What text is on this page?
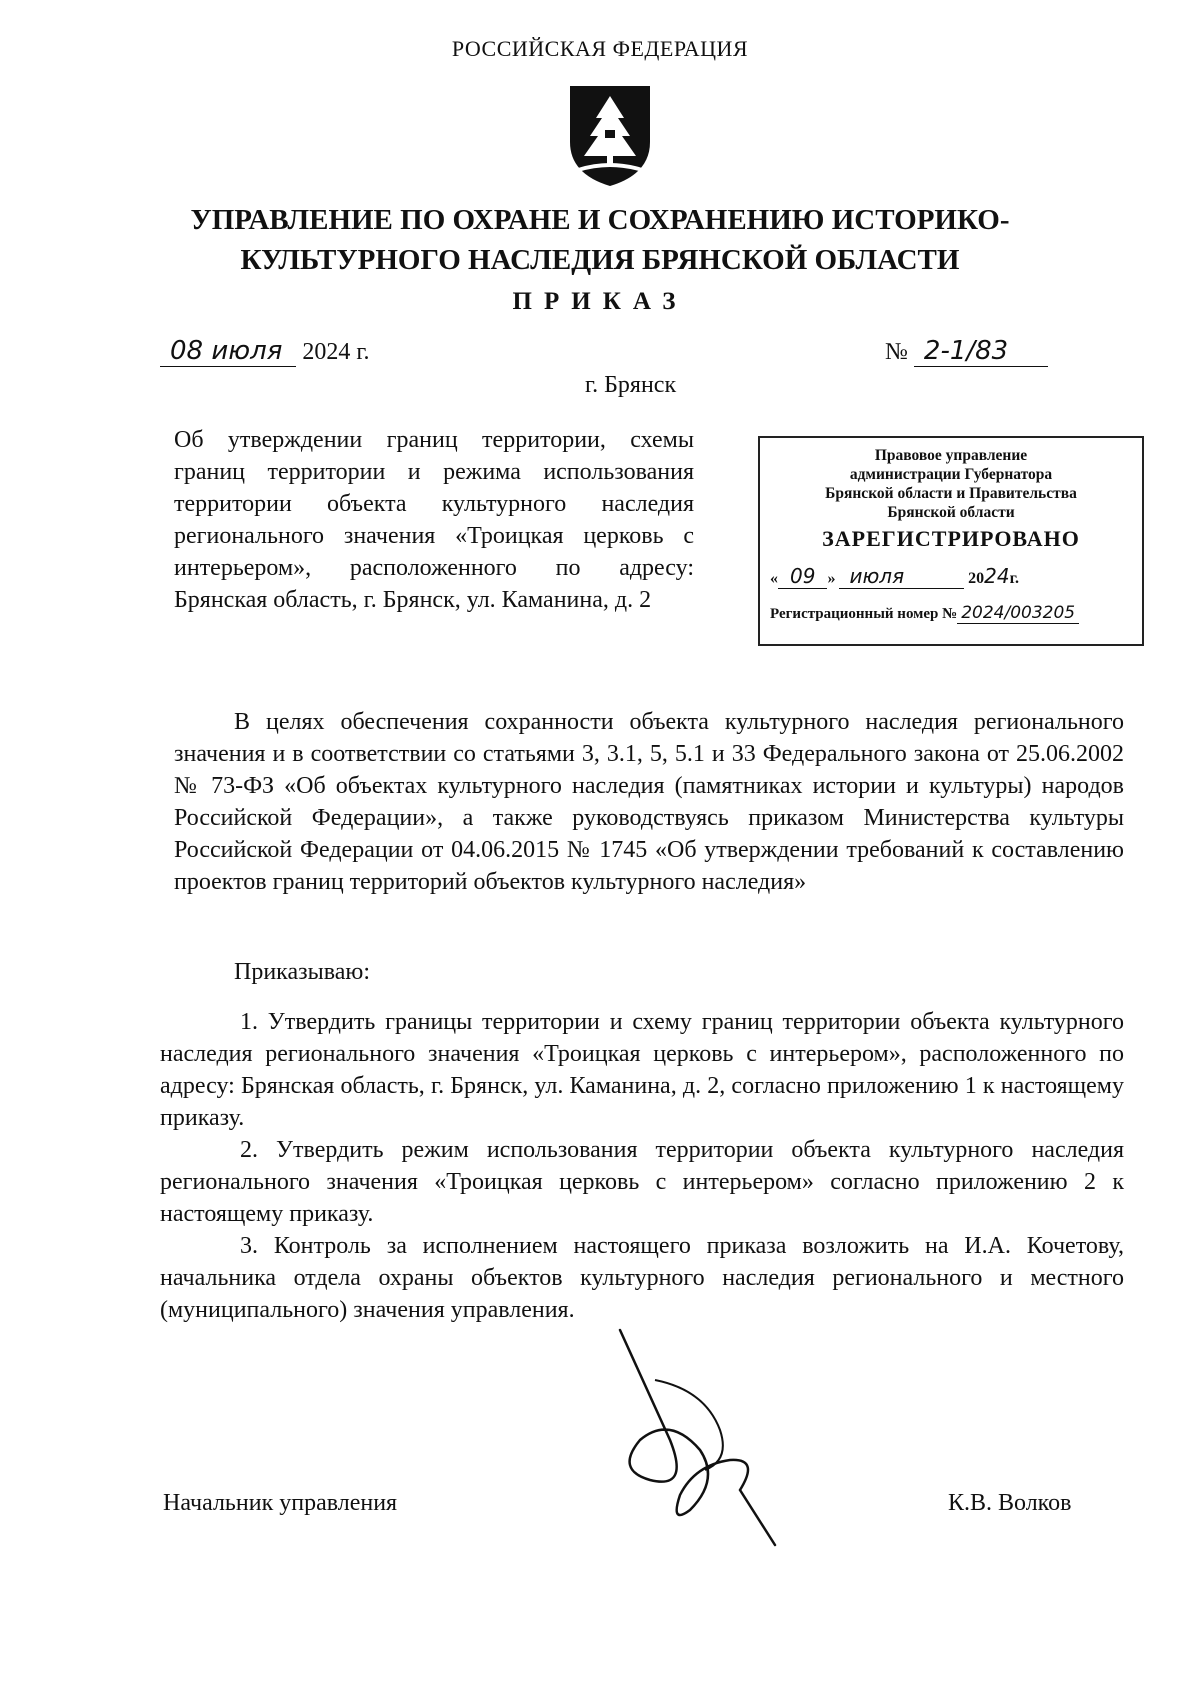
РОССИЙСКАЯ ФЕДЕРАЦИЯ
УПРАВЛЕНИЕ ПО ОХРАНЕ И СОХРАНЕНИЮ ИСТОРИКО-КУЛЬТУРНОГО НАСЛЕДИЯ БРЯНСКОЙ ОБЛАСТИ
ПРИКАЗ
08 июля 2024 г.	№ 2-1/83
г. Брянск
Об утверждении границ территории, схемы границ территории и режима использования территории объекта культурного наследия регионального значения «Троицкая церковь с интерьером», расположенного по адресу: Брянская область, г. Брянск, ул. Каманина, д. 2
Правовое управление
администрации Губернатора
Брянской области и Правительства
Брянской области
ЗАРЕГИСТРИРОВАНО
« 09 » июля	2024г.
Регистрационный номер № 2024/003205
В целях обеспечения сохранности объекта культурного наследия регионального значения и в соответствии со статьями 3, 3.1, 5, 5.1 и 33 Федерального закона от 25.06.2002 № 73-ФЗ «Об объектах культурного наследия (памятниках истории и культуры) народов Российской Федерации», а также руководствуясь приказом Министерства культуры Российской Федерации от 04.06.2015 № 1745 «Об утверждении требований к составлению проектов границ территорий объектов культурного наследия»
Приказываю:

1. Утвердить границы территории и схему границ территории объекта культурного наследия регионального значения «Троицкая церковь с интерьером», расположенного по адресу: Брянская область, г. Брянск, ул. Каманина, д. 2, согласно приложению 1 к настоящему приказу.

2. Утвердить режим использования территории объекта культурного наследия регионального значения «Троицкая церковь с интерьером» согласно приложению 2 к настоящему приказу.

3. Контроль за исполнением настоящего приказа возложить на И.А. Кочетову, начальника отдела охраны объектов культурного наследия регионального и местного (муниципального) значения управления.

Начальник управления	К.В. Волков
